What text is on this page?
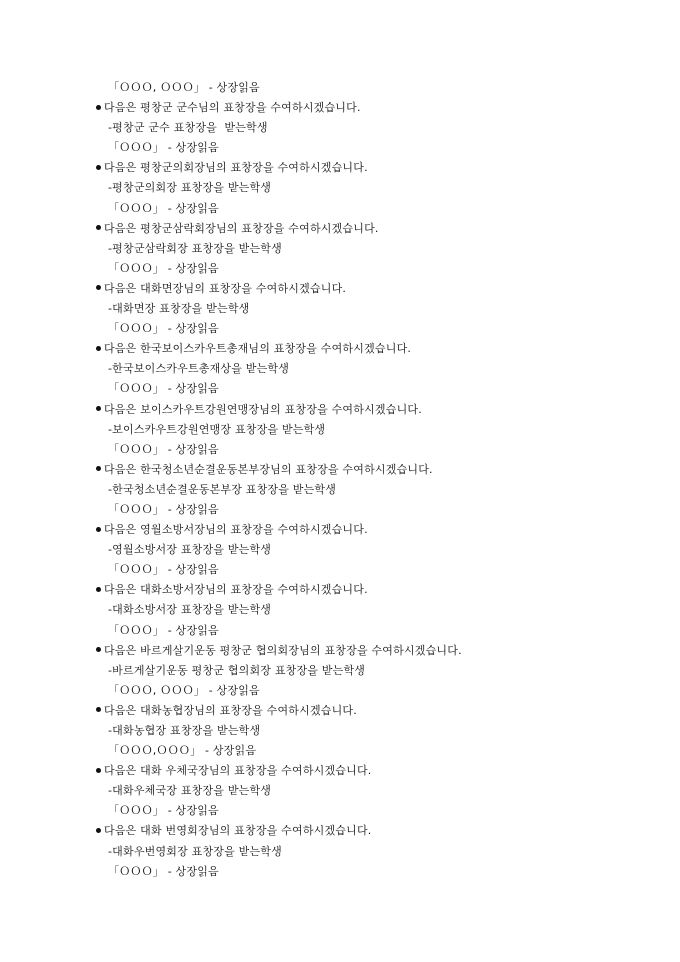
「ＯＯＯ, ＯＯＯ」 - 상장읽음
다음은 평창군 군수님의 표창장을 수여하시겠습니다.
-평창군 군수 표창장을  받는학생
「ＯＯＯ」 - 상장읽음
다음은 평창군의회장님의 표창장을 수여하시겠습니다.
-평창군의회장 표창장을 받는학생
「ＯＯＯ」 - 상장읽음
다음은 평창군삼락회장님의 표창장을 수여하시겠습니다.
-평창군삼락회장 표창장을 받는학생
「ＯＯＯ」 - 상장읽음
다음은 대화면장님의 표창장을 수여하시겠습니다.
-대화면장 표창장을 받는학생
「ＯＯＯ」 - 상장읽음
다음은 한국보이스카우트총재님의 표창장을 수여하시겠습니다.
-한국보이스카우트총재상을 받는학생
「ＯＯＯ」 - 상장읽음
다음은 보이스카우트강원연맹장님의 표창장을 수여하시겠습니다.
-보이스카우트강원연맹장 표창장을 받는학생
「ＯＯＯ」 - 상장읽음
다음은 한국청소년순결운동본부장님의 표창장을 수여하시겠습니다.
-한국청소년순결운동본부장 표창장을 받는학생
「ＯＯＯ」 - 상장읽음
다음은 영월소방서장님의 표창장을 수여하시겠습니다.
-영월소방서장 표창장을 받는학생
「ＯＯＯ」 - 상장읽음
다음은 대화소방서장님의 표창장을 수여하시겠습니다.
-대화소방서장 표창장을 받는학생
「ＯＯＯ」 - 상장읽음
다음은 바르게살기운동 평창군 협의회장님의 표창장을 수여하시겠습니다.
-바르게살기운동 평창군 협의회장 표창장을 받는학생
「ＯＯＯ, ＯＯＯ」 - 상장읽음
다음은 대화농협장님의 표창장을 수여하시겠습니다.
-대화농협장 표창장을 받는학생
「ＯＯＯ,ＯＯＯ」 - 상장읽음
다음은 대화 우체국장님의 표창장을 수여하시겠습니다.
-대화우체국장 표창장을 받는학생
「ＯＯＯ」 - 상장읽음
다음은 대화 번영회장님의 표창장을 수여하시겠습니다.
-대화우번영회장 표창장을 받는학생
「ＯＯＯ」 - 상장읽음
